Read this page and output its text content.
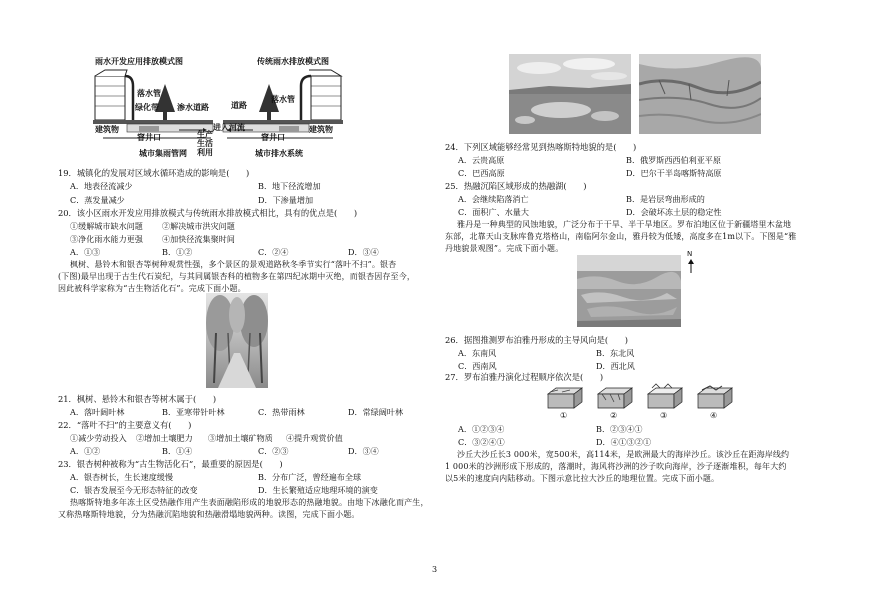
雨水开发应用排放模式图	传统雨水排放模式图
落水管
绿化带 渗水道路
建筑物
窨井口	生产生活利用
道路
落水管
进入河流	建筑物
窨井口
城市集雨管网	城市排水系统
19．城镇化的发展对区域水循环造成的影响是(　　)
A．地表径流减少	B．地下径流增加
C．蒸发量减少	D．下渗量增加
20．该小区雨水开发应用排放模式与传统雨水排放模式相比，具有的优点是(　　)
①缓解城市缺水问题 ②解决城市洪灾问题
③净化雨水能力更强 ④加快径流集聚时间
A．①③	B．①②	C．②④	D．③④
枫树、悬铃木和银杏等树种观赏性强，多个景区的景观道路秋冬季节实行“落叶不扫”。银杏
(下图)最早出现于古生代石炭纪，与其同属银杏科的植物多在第四纪冰期中灭绝，而银杏因存至今，
因此被科学家称为“古生物活化石”。完成下面小题。
21．枫树、悬铃木和银杏等树木属于(　　)
A．落叶阔叶林	B．亚寒带针叶林	C．热带雨林	D．常绿阔叶林
22．“落叶不扫”的主要意义有(　　)
①减少劳动投入 ②增加土壤肥力 ③增加土壤矿物质 ④提升观赏价值
A．①②	B．①④	C．②③	D．③④
23．银杏树种被称为“古生物活化石”，最重要的原因是(　　)
A．银杏树长，生长速度缓慢	B．分布广泛，曾经遍布全球
C．银杏发展至今无形态特征的改变	D．生长繁殖适应地理环境的演变
热喀斯特地多年冻土区受热融作用产生表面融陷形成的地貌形态的热融地貌。由地下冰融化而产生，
又称热喀斯特地貌，分为热融沉陷地貌和热融滑塌地貌两种。读图，完成下面小题。
24．下列区域能够经常见到热喀斯特地貌的是(　　)
A．云贵高原	B．俄罗斯西西伯利亚平原
C．巴西高原	D．巴尔干半岛喀斯特高原
25．热融沉陷区域形成的热融湖(　　)
A．会继续陷落消亡	B．是岩层弯曲形成的
C．面积广、水量大	D．会破坏冻土层的稳定性
雅丹是一种典型的风蚀地貌，广泛分布于干旱、半干旱地区。罗布泊地区位于新疆塔里木盆地
东部，北靠天山支脉库鲁克塔格山，南临阿尔金山，雅丹较为低矮，高度多在1m以下。下图是“雅
丹地貌景观图”。完成下面小题。
N
26．据图推测罗布泊雅丹形成的主导风向是(　　)
A．东南风	B．东北风
C．西南风	D．西北风
27．罗布泊雅丹演化过程顺序依次是(　　)
①	②	③	④
A．①②③④	B．②③④①
C．③②④①	D．④①③②①
沙丘大沙丘长3 000米，宽500米，高114米，是欧洲最大的海岸沙丘。该沙丘在距海岸线约
1 000米的沙洲形成下形成的，落潮时，海风将沙洲的沙子吹向海岸，沙子逐渐堆积，每年大约
以5米的速度向内陆移动。下图示意比拉大沙丘的地理位置。完成下面小题。
3
